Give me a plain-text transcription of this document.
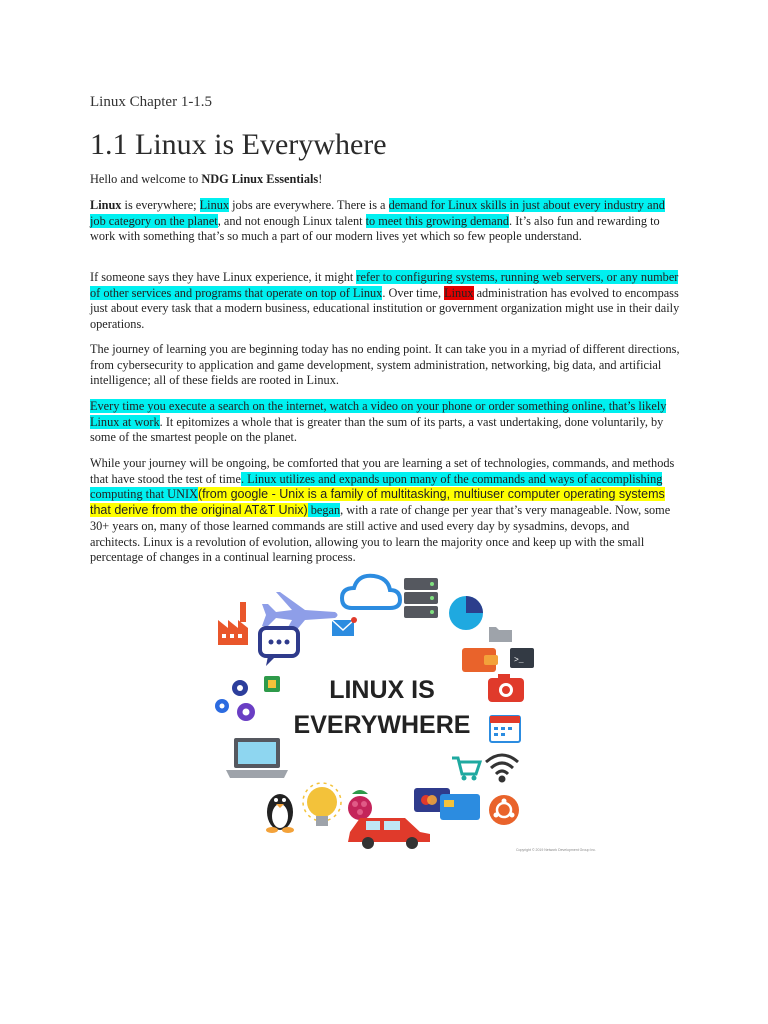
Linux Chapter 1-1.5
1.1 Linux is Everywhere

Hello and welcome to NDG Linux Essentials!

Linux is everywhere; Linux jobs are everywhere. There is a demand for Linux skills in just about every industry and job category on the planet, and not enough Linux talent to meet this growing demand. It’s also fun and rewarding to work with something that’s so much a part of our modern lives yet which so few people understand.

If someone says they have Linux experience, it might refer to configuring systems, running web servers, or any number of other services and programs that operate on top of Linux. Over time, Linux administration has evolved to encompass just about every task that a modern business, educational institution or government organization might use in their daily operations.

The journey of learning you are beginning today has no ending point. It can take you in a myriad of different directions, from cybersecurity to application and game development, system administration, networking, big data, and artificial intelligence; all of these fields are rooted in Linux.

Every time you execute a search on the internet, watch a video on your phone or order something online, that’s likely Linux at work. It epitomizes a whole that is greater than the sum of its parts, a vast undertaking, done voluntarily, by some of the smartest people on the planet.

While your journey will be ongoing, be comforted that you are learning a set of technologies, commands, and methods that have stood the test of time. Linux utilizes and expands upon many of the commands and ways of accomplishing computing that UNIX(from google - Unix is a family of multitasking, multiuser computer operating systems that derive from the original AT&T Unix) began, with a rate of change per year that’s very manageable. Now, some 30+ years on, many of those learned commands are still active and used every day by sysadmins, devops, and architects. Linux is a revolution of evolution, allowing you to learn the majority once and keep up with the small percentage of changes in a continual learning process.

LINUX IS
EVERYWHERE
>_
Copyright © 2019 Network Development Group Inc.
